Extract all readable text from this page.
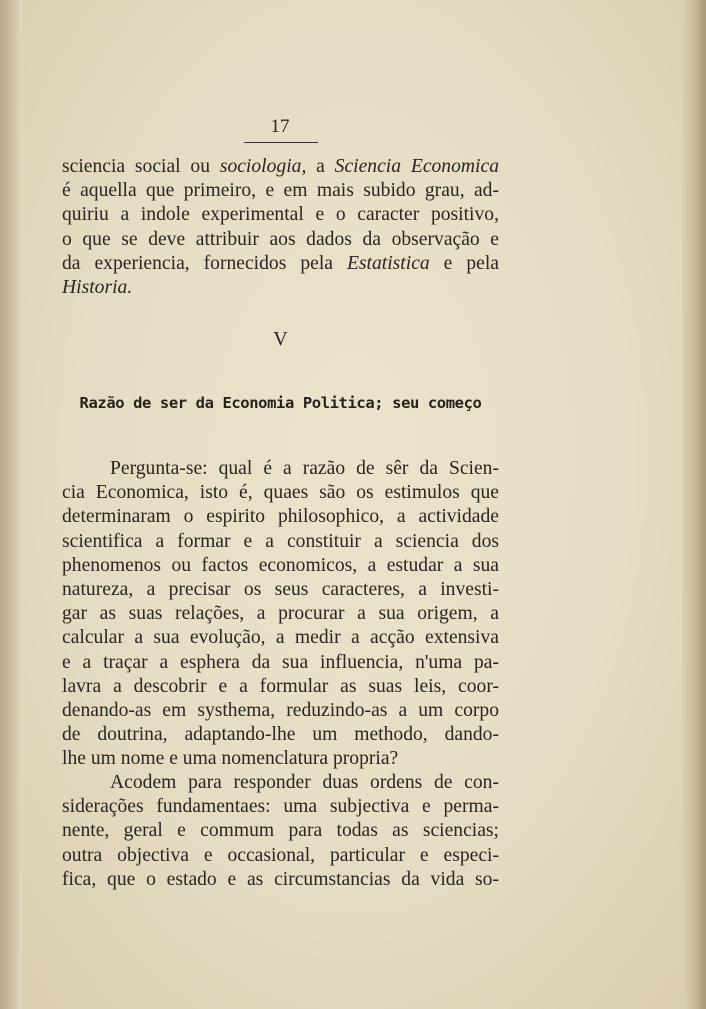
17

sciencia social ou sociologia, a Sciencia Economica
é aquella que primeiro, e em mais subido grau, ad-
quiriu a indole experimental e o caracter positivo,
o que se deve attribuir aos dados da observação e
da experiencia, fornecidos pela Estatistica e pela
Historia.

V
Razão de ser da Economia Politica; seu começo

Pergunta-se: qual é a razão de sêr da Scien-
cia Economica, isto é, quaes são os estimulos que
determinaram o espirito philosophico, a actividade
scientifica a formar e a constituir a sciencia dos
phenomenos ou factos economicos, a estudar a sua
natureza, a precisar os seus caracteres, a investi-
gar as suas relações, a procurar a sua origem, a
calcular a sua evolução, a medir a acção extensiva
e a traçar a esphera da sua influencia, n'uma pa-
lavra a descobrir e a formular as suas leis, coor-
denando-as em systhema, reduzindo-as a um corpo
de doutrina, adaptando-lhe um methodo, dando-
lhe um nome e uma nomenclatura propria?

Acodem para responder duas ordens de con-
siderações fundamentaes: uma subjectiva e perma-
nente, geral e commum para todas as sciencias;
outra objectiva e occasional, particular e especi-
fica, que o estado e as circumstancias da vida so-
